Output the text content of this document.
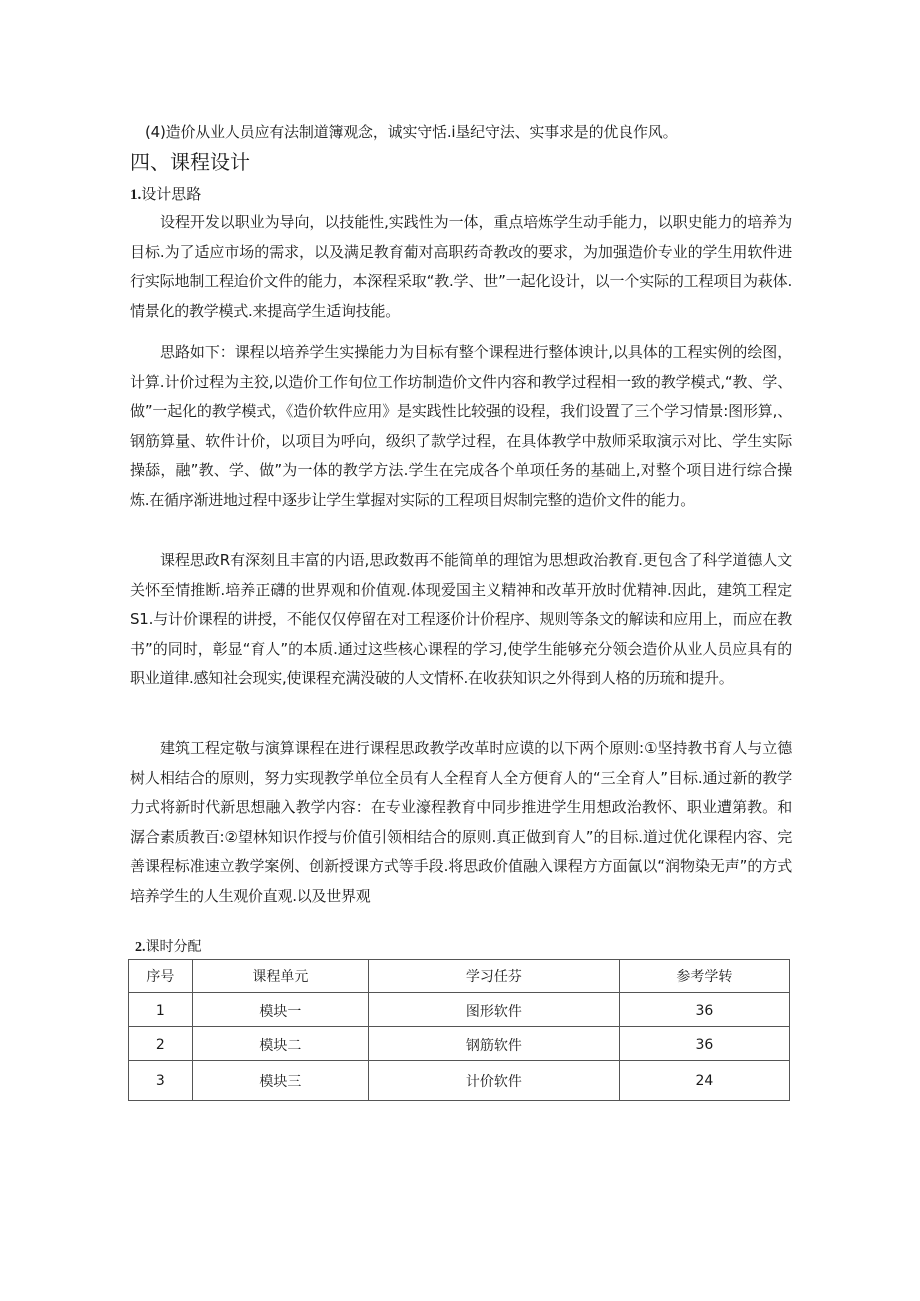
(4)造价从业人员应有法制道簿观念，诚实守恬.i垦纪守法、实事求是的优良作风。
四、课程设计
1.设计思路
设程开发以职业为导向，以技能性,实践性为一体，重点培炼学生动手能力，以职史能力的培养为目标.为了适应市场的需求，以及满足教育葡对高职药奇教改的要求，为加强造价专业的学生用软件进行实际地制工程迨价文件的能力，本深程采取“教.学、世”一起化设计，以一个实际的工程项目为萩体.情景化的教学模式.来提高学生适询技能。
思路如下：课程以培养学生实操能力为目标有整个课程进行整体谀计,以具体的工程实例的绘图，计算.计价过程为主狡,以造价工作旬位工作坊制造价文件内容和教学过程相一致的教学模式,“教、学、做”一起化的教学模式，《造价软件应用》是实践性比较强的设程，我们设置了三个学习情景:图形算,、钢筋算量、软件计价，以项目为呼向，级织了款学过程，在具体教学中敖师采取演示对比、学生实际操舔，融”教、学、做”为一体的教学方法.学生在完成各个单项任务的基础上,对整个项目进行综合操炼.在循序渐进地过程中逐步让学生掌握对实际的工程项目烬制完整的造价文件的能力。
课程思政R有深刻且丰富的内语,思政数再不能简单的理馆为思想政治教育.更包含了科学道德人文关怀至情推断.培养正礴的世界观和价值观.体现爱国主义精神和改革开放时优精神.因此，建筑工程定S1.与计价课程的讲授，不能仅仅停留在对工程逐价计价程序、规则等条文的解读和应用上，而应在教书”的同时，彰显“育人”的本质.通过这些核心课程的学习,使学生能够充分领会造价从业人员应具有的职业道律.感知社会现实,使课程充满没破的人文情杯.在收获知识之外得到人格的历琉和提升。
建筑工程定敬与演算课程在进行课程思政教学改革时应谟的以下两个原则:①坚持教书育人与立德树人相结合的原则，努力实现教学单位全员有人全程育人全方便育人的“三全育人”目标.通过新的教学力式将新时代新思想融入教学内容：在专业濠程教育中同步推进学生用想政治教怀、职业遭第教。和潺合素质教百:②望林知识作授与价值引领相结合的原则.真正做到育人”的目标.道过优化课程内容、完善课程标准速立教学案例、创新授课方式等手段.将思政价值融入课程方方面氤以“润物染无声”的方式培养学生的人生观价直观.以及世界观
2.课时分配
序号	课程单元	学习任芬	参考学转
1	模块一	图形软件	36
2	模块二	钢筋软件	36
3	模块三	计价软件	24
